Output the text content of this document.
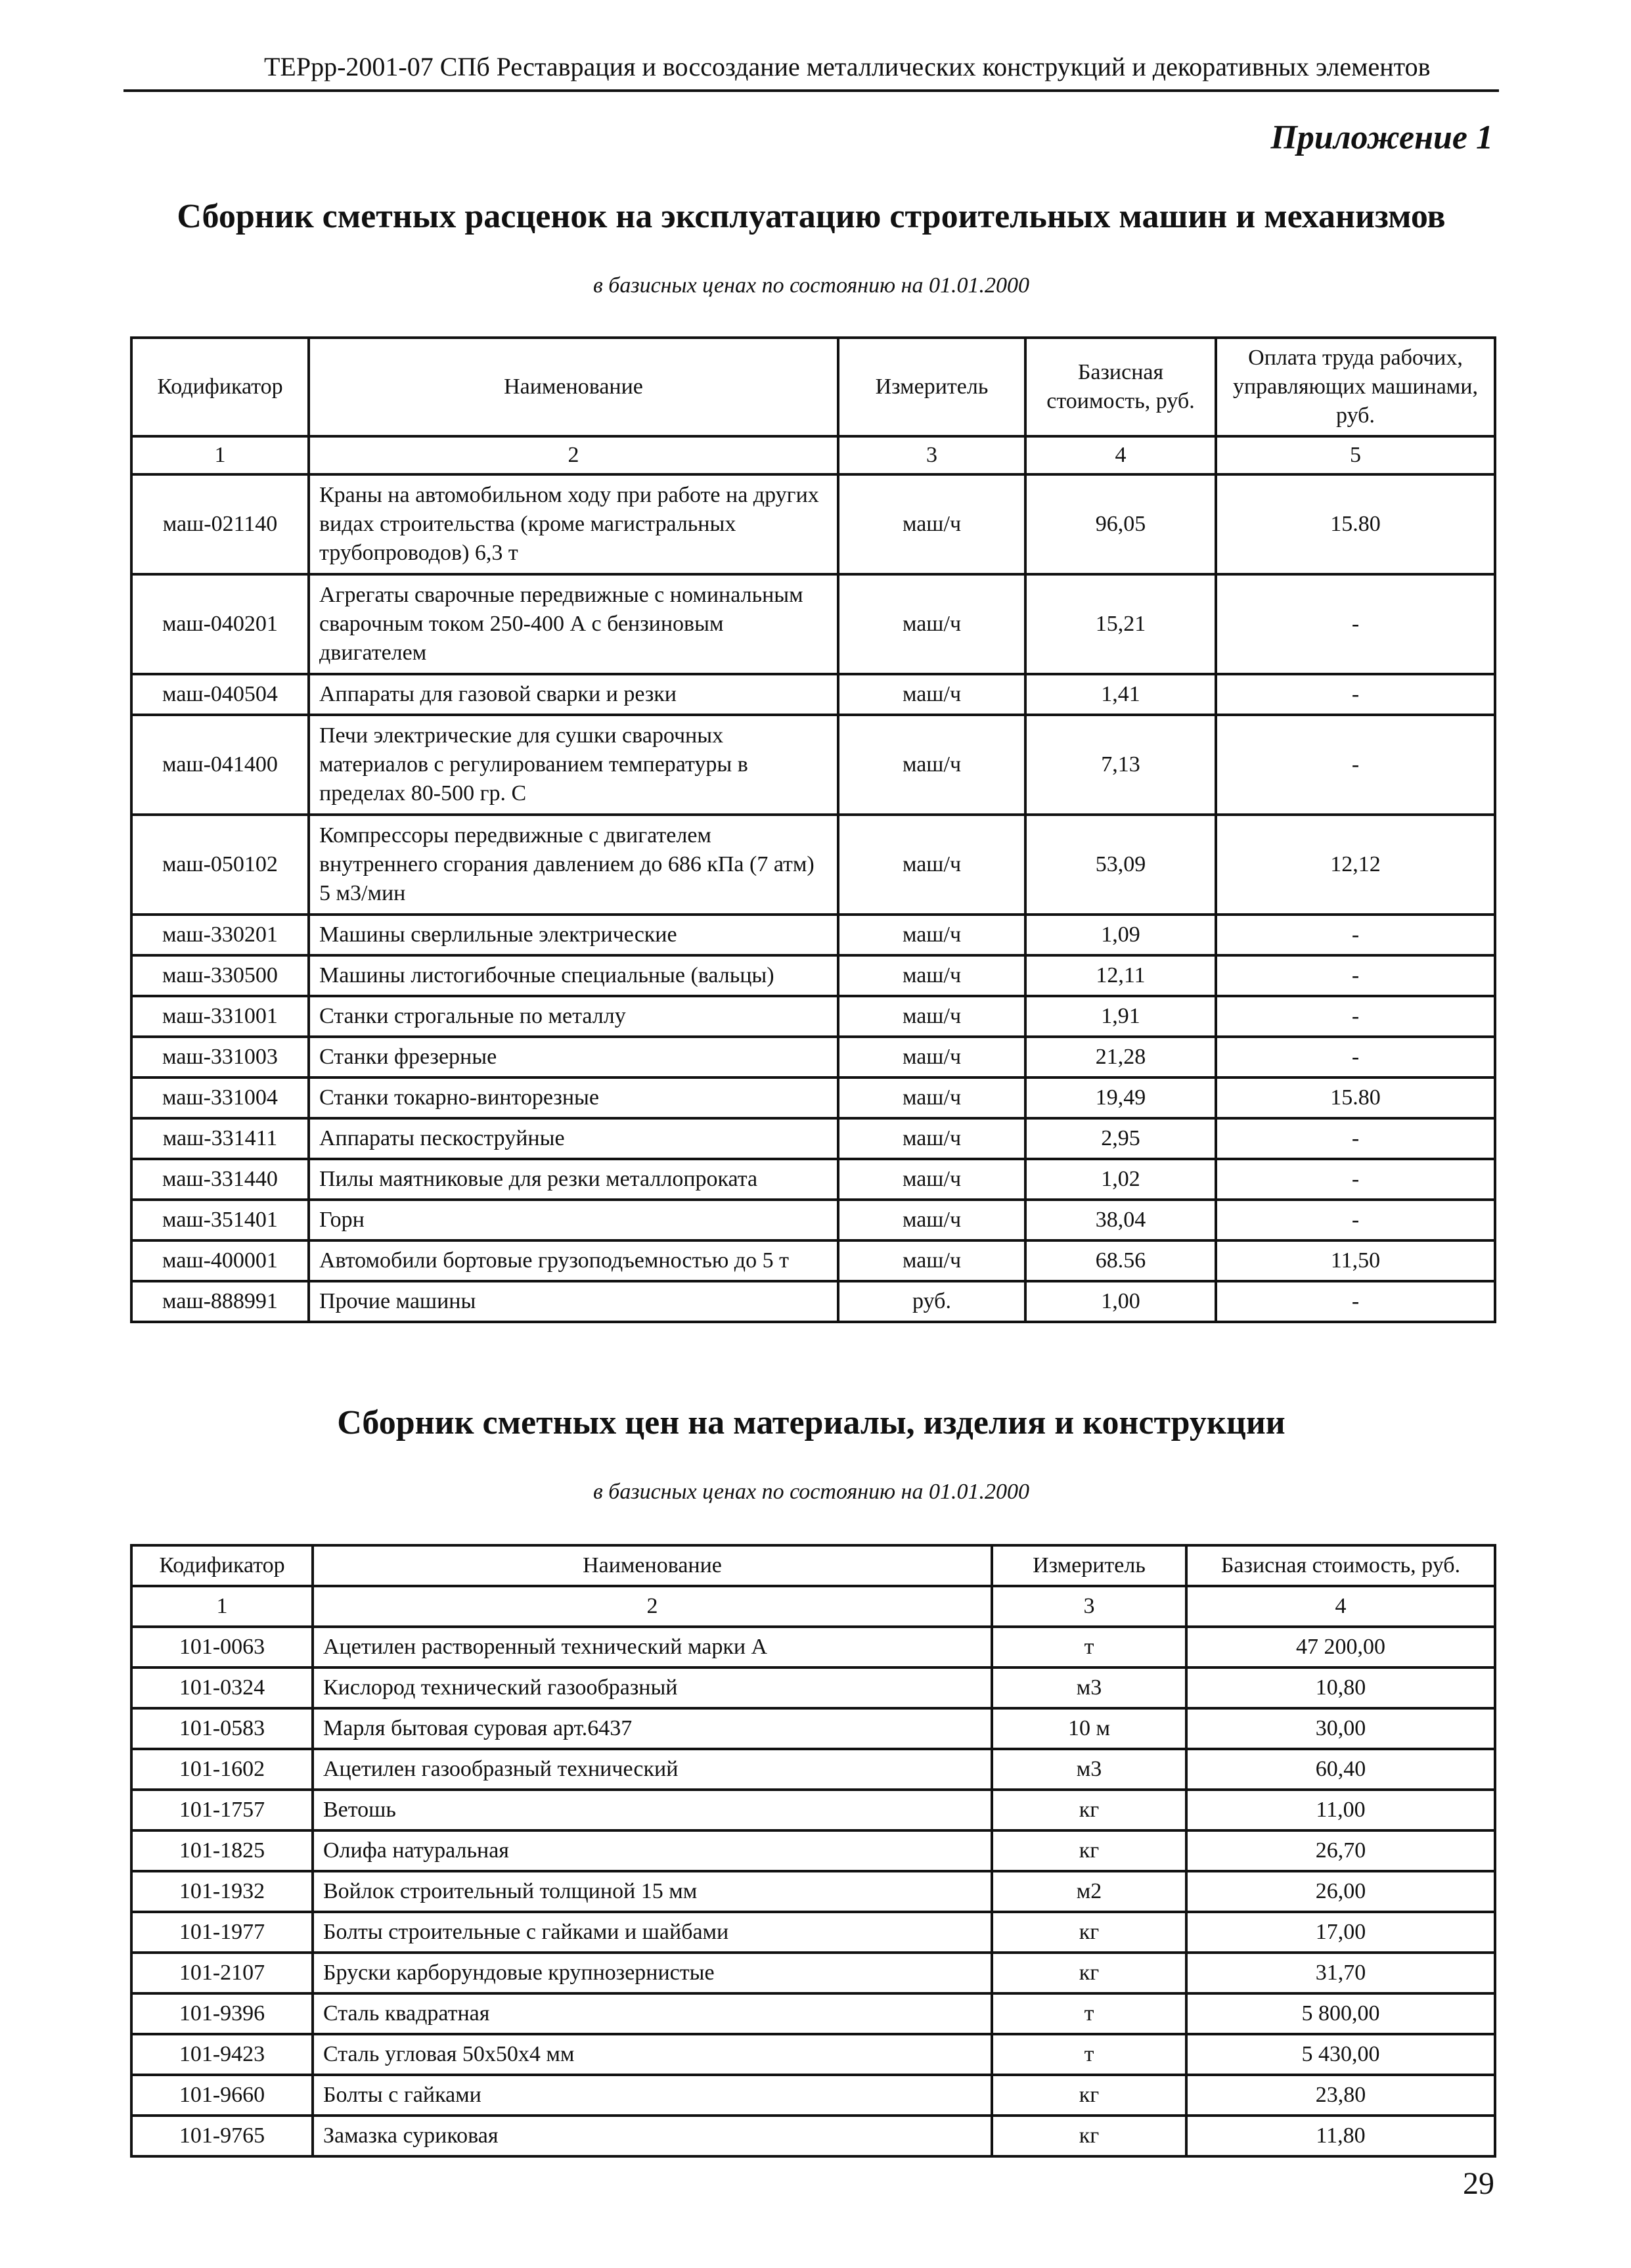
ТЕРрр-2001-07 СПб Реставрация и воссоздание металлических конструкций и декоративных элементов
Приложение 1
Сборник сметных расценок на эксплуатацию строительных машин и механизмов
в базисных ценах по состоянию на 01.01.2000
Кодификатор	Наименование	Измеритель	Базисная стоимость, руб.	Оплата труда рабочих, управляющих машинами, руб.
1	2	3	4	5
маш-021140	Краны на автомобильном ходу при работе на других видах строительства (кроме магистральных трубопроводов) 6,3 т	маш/ч	96,05	15.80
маш-040201	Агрегаты сварочные передвижные с номинальным сварочным током 250-400 А с бензиновым двигателем	маш/ч	15,21	-
маш-040504	Аппараты для газовой сварки и резки	маш/ч	1,41	-
маш-041400	Печи электрические для сушки сварочных материалов с регулированием температуры в пределах 80-500 гр. С	маш/ч	7,13	-
маш-050102	Компрессоры передвижные с двигателем внутреннего сгорания давлением до 686 кПа (7 атм) 5 м3/мин	маш/ч	53,09	12,12
маш-330201	Машины сверлильные электрические	маш/ч	1,09	-
маш-330500	Машины листогибочные специальные (вальцы)	маш/ч	12,11	-
маш-331001	Станки строгальные по металлу	маш/ч	1,91	-
маш-331003	Станки фрезерные	маш/ч	21,28	-
маш-331004	Станки токарно-винторезные	маш/ч	19,49	15.80
маш-331411	Аппараты пескоструйные	маш/ч	2,95	-
маш-331440	Пилы маятниковые для резки металлопроката	маш/ч	1,02	-
маш-351401	Горн	маш/ч	38,04	-
маш-400001	Автомобили бортовые грузоподъемностью до 5 т	маш/ч	68.56	11,50
маш-888991	Прочие машины	руб.	1,00	-
Сборник сметных цен на материалы, изделия и конструкции
в базисных ценах по состоянию на 01.01.2000
Кодификатор	Наименование	Измеритель	Базисная стоимость, руб.
1	2	3	4
101-0063	Ацетилен растворенный технический марки А	т	47 200,00
101-0324	Кислород технический газообразный	м3	10,80
101-0583	Марля бытовая суровая арт.6437	10 м	30,00
101-1602	Ацетилен газообразный технический	м3	60,40
101-1757	Ветошь	кг	11,00
101-1825	Олифа натуральная	кг	26,70
101-1932	Войлок строительный толщиной 15 мм	м2	26,00
101-1977	Болты строительные с гайками и шайбами	кг	17,00
101-2107	Бруски карборундовые крупнозернистые	кг	31,70
101-9396	Сталь квадратная	т	5 800,00
101-9423	Сталь угловая 50х50х4 мм	т	5 430,00
101-9660	Болты с гайками	кг	23,80
101-9765	Замазка суриковая	кг	11,80
29
